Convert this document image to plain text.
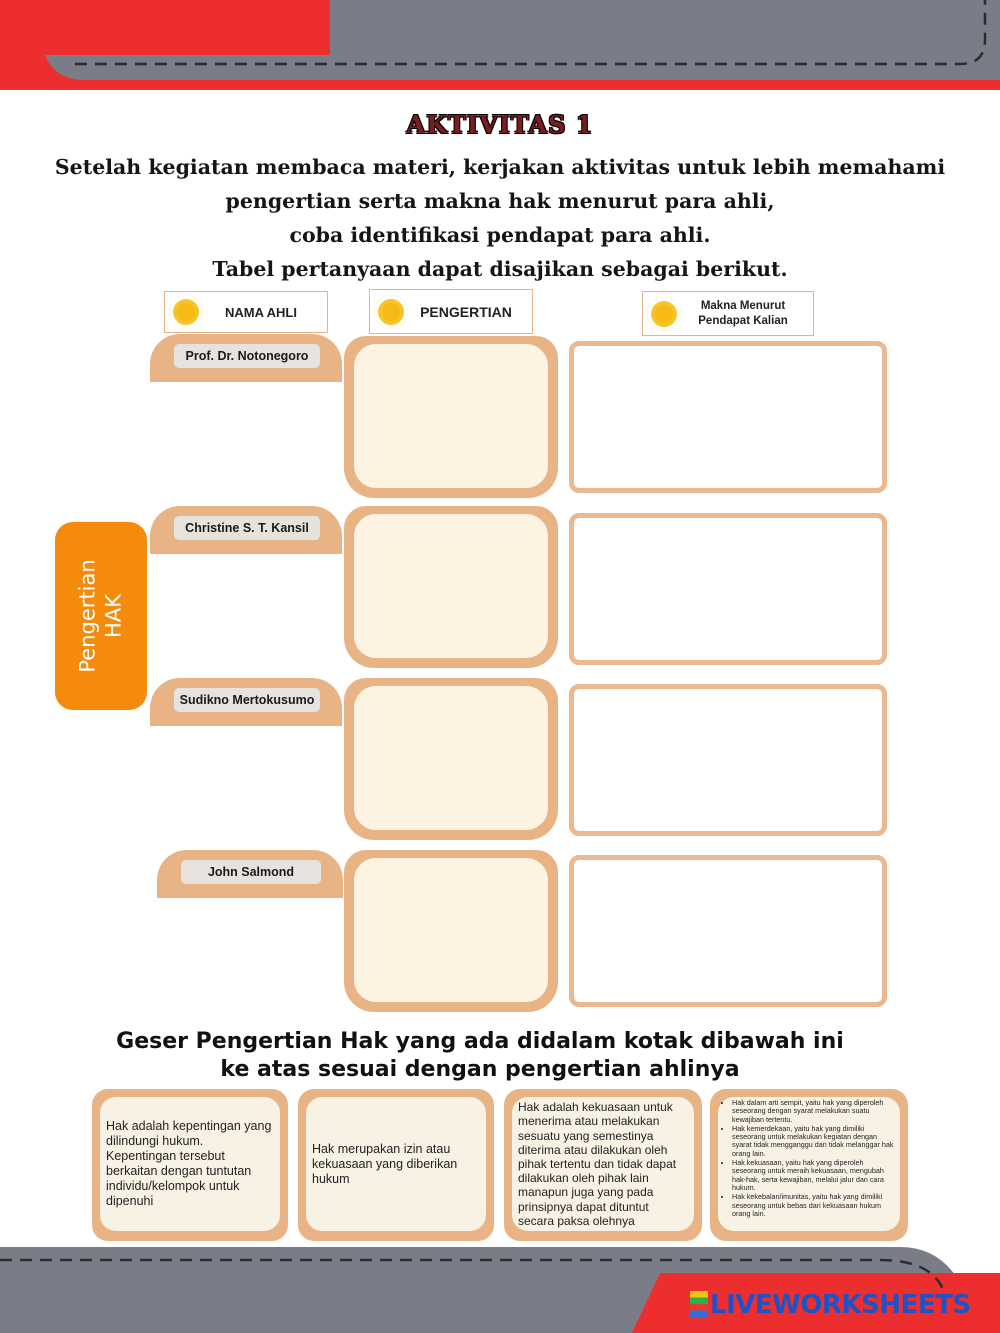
AKTIVITAS 1
Setelah kegiatan membaca materi, kerjakan aktivitas untuk lebih memahami
pengertian serta makna hak menurut para ahli,
coba identifikasi pendapat para ahli.
Tabel pertanyaan dapat disajikan sebagai berikut.
NAMA AHLI	PENGERTIAN	Makna Menurut
Pendapat Kalian
Pengertian HAK
Prof. Dr. Notonegoro
Christine S. T. Kansil
Sudikno Mertokusumo
John Salmond
Geser Pengertian Hak yang ada didalam kotak dibawah ini
ke atas sesuai dengan pengertian ahlinya
Hak adalah kepentingan yang dilindungi hukum. Kepentingan tersebut berkaitan dengan tuntutan individu/kelompok untuk dipenuhi
Hak merupakan izin atau kekuasaan yang diberikan hukum
Hak adalah kekuasaan untuk menerima atau melakukan sesuatu yang semestinya diterima atau dilakukan oleh pihak tertentu dan tidak dapat dilakukan oleh pihak lain manapun juga yang pada prinsipnya dapat dituntut secara paksa olehnya
• Hak dalam arti sempit, yaitu hak yang diperoleh seseorang dengan syarat melakukan suatu kewajiban tertentu.
• Hak kemerdekaan, yaitu hak yang dimiliki seseorang untuk melakukan kegiatan dengan syarat tidak mengganggu dan tidak melanggar hak orang lain.
• Hak kekuasaan, yaitu hak yang diperoleh seseorang untuk meraih kekuasaan, mengubah hak-hak, serta kewajiban, melalui jalur dan cara hukum.
• Hak kekebalan/imunitas, yaitu hak yang dimiliki seseorang untuk bebas dari kekuasaan hukum orang lain.
LIVEWORKSHEETS
